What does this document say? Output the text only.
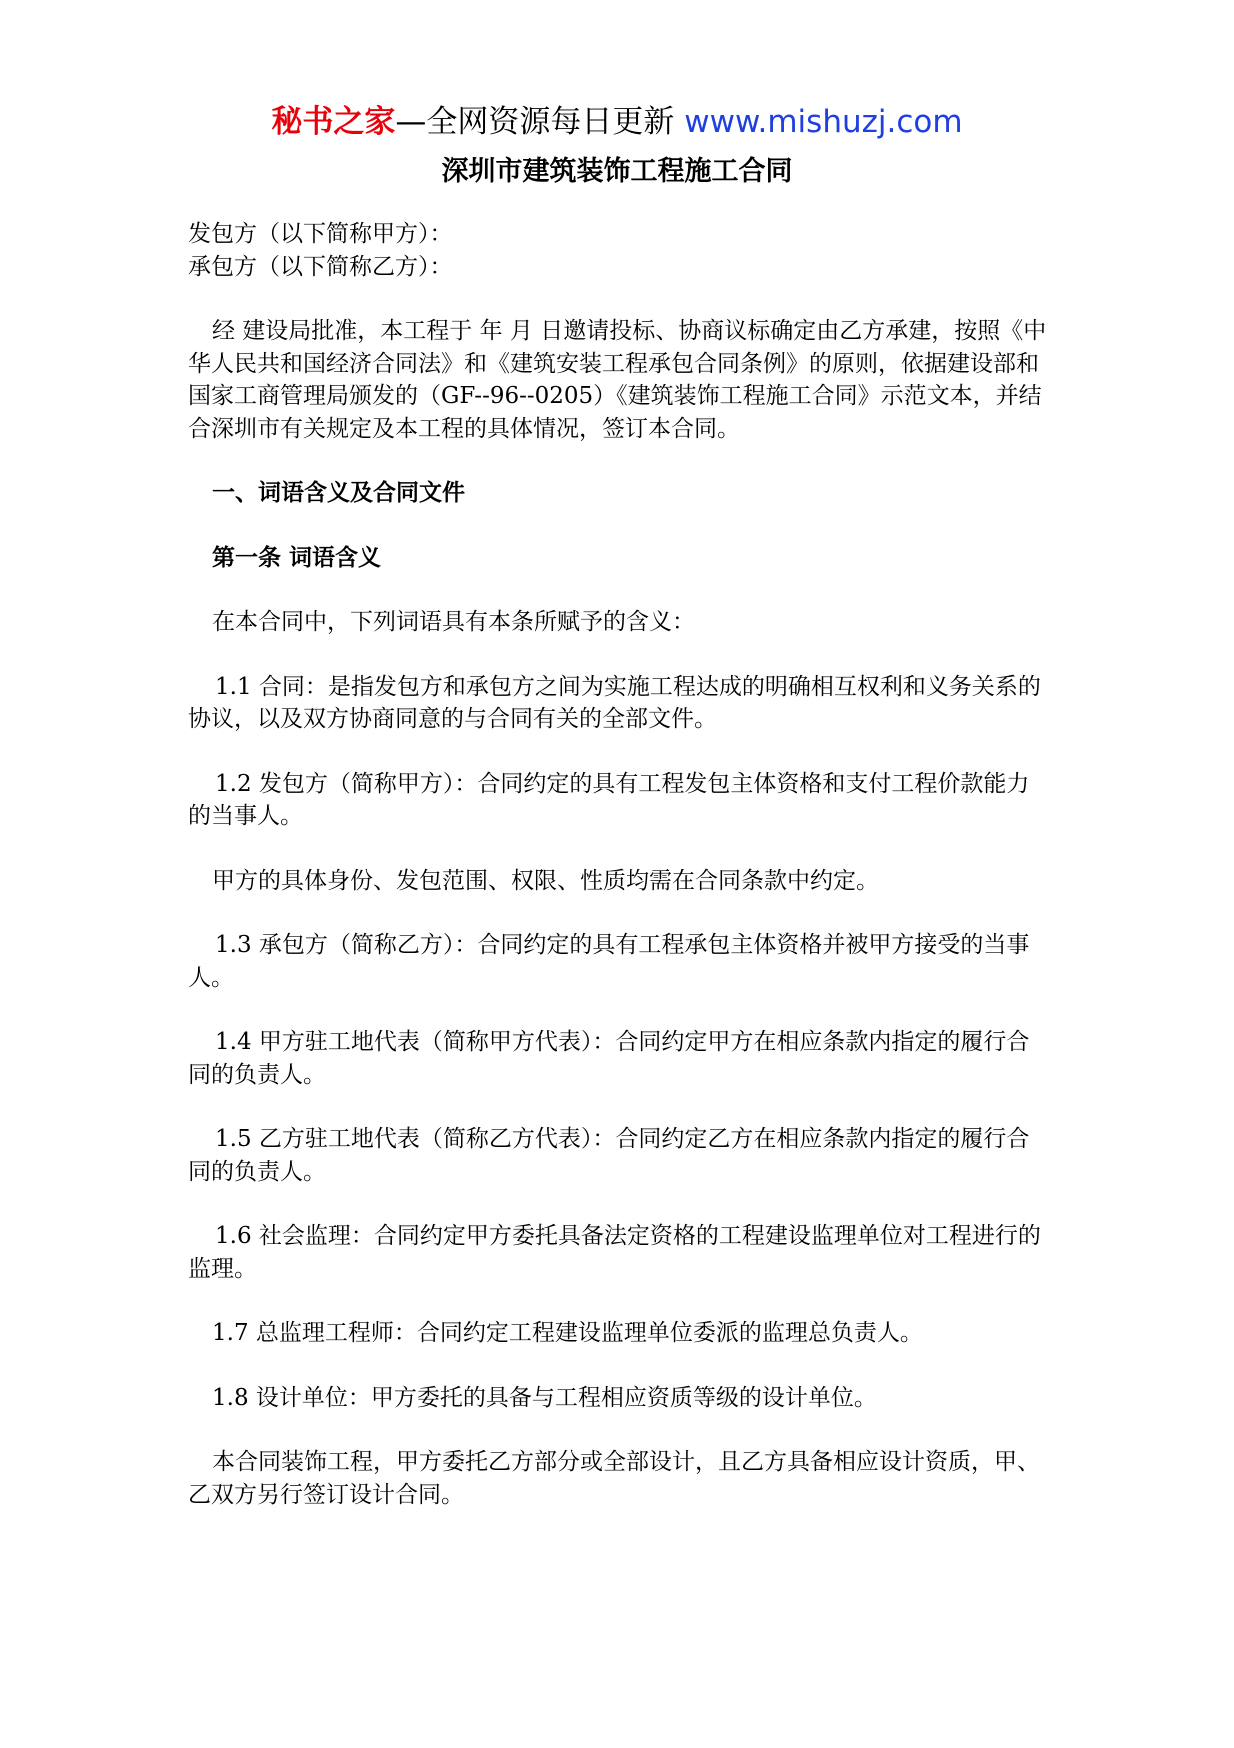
秘书之家—全网资源每日更新 www.mishuzj.com
深圳市建筑装饰工程施工合同

发包方（以下简称甲方）：

承包方（以下简称乙方）：

经 建设局批准，本工程于 年 月 日邀请投标、协商议标确定由乙方承建，按照《中华人民共和国经济合同法》和《建筑安装工程承包合同条例》的原则，依据建设部和国家工商管理局颁发的（GF--96--0205）《建筑装饰工程施工合同》示范文本，并结合深圳市有关规定及本工程的具体情况，签订本合同。

一、词语含义及合同文件

第一条 词语含义

在本合同中，下列词语具有本条所赋予的含义：

1.1 合同：是指发包方和承包方之间为实施工程达成的明确相互权利和义务关系的协议，以及双方协商同意的与合同有关的全部文件。

1.2 发包方（简称甲方）：合同约定的具有工程发包主体资格和支付工程价款能力的当事人。

甲方的具体身份、发包范围、权限、性质均需在合同条款中约定。

1.3 承包方（简称乙方）：合同约定的具有工程承包主体资格并被甲方接受的当事人。

1.4 甲方驻工地代表（简称甲方代表）：合同约定甲方在相应条款内指定的履行合同的负责人。

1.5 乙方驻工地代表（简称乙方代表）：合同约定乙方在相应条款内指定的履行合同的负责人。

1.6 社会监理：合同约定甲方委托具备法定资格的工程建设监理单位对工程进行的监理。

1.7 总监理工程师：合同约定工程建设监理单位委派的监理总负责人。

1.8 设计单位：甲方委托的具备与工程相应资质等级的设计单位。

本合同装饰工程，甲方委托乙方部分或全部设计，且乙方具备相应设计资质，甲、乙双方另行签订设计合同。
